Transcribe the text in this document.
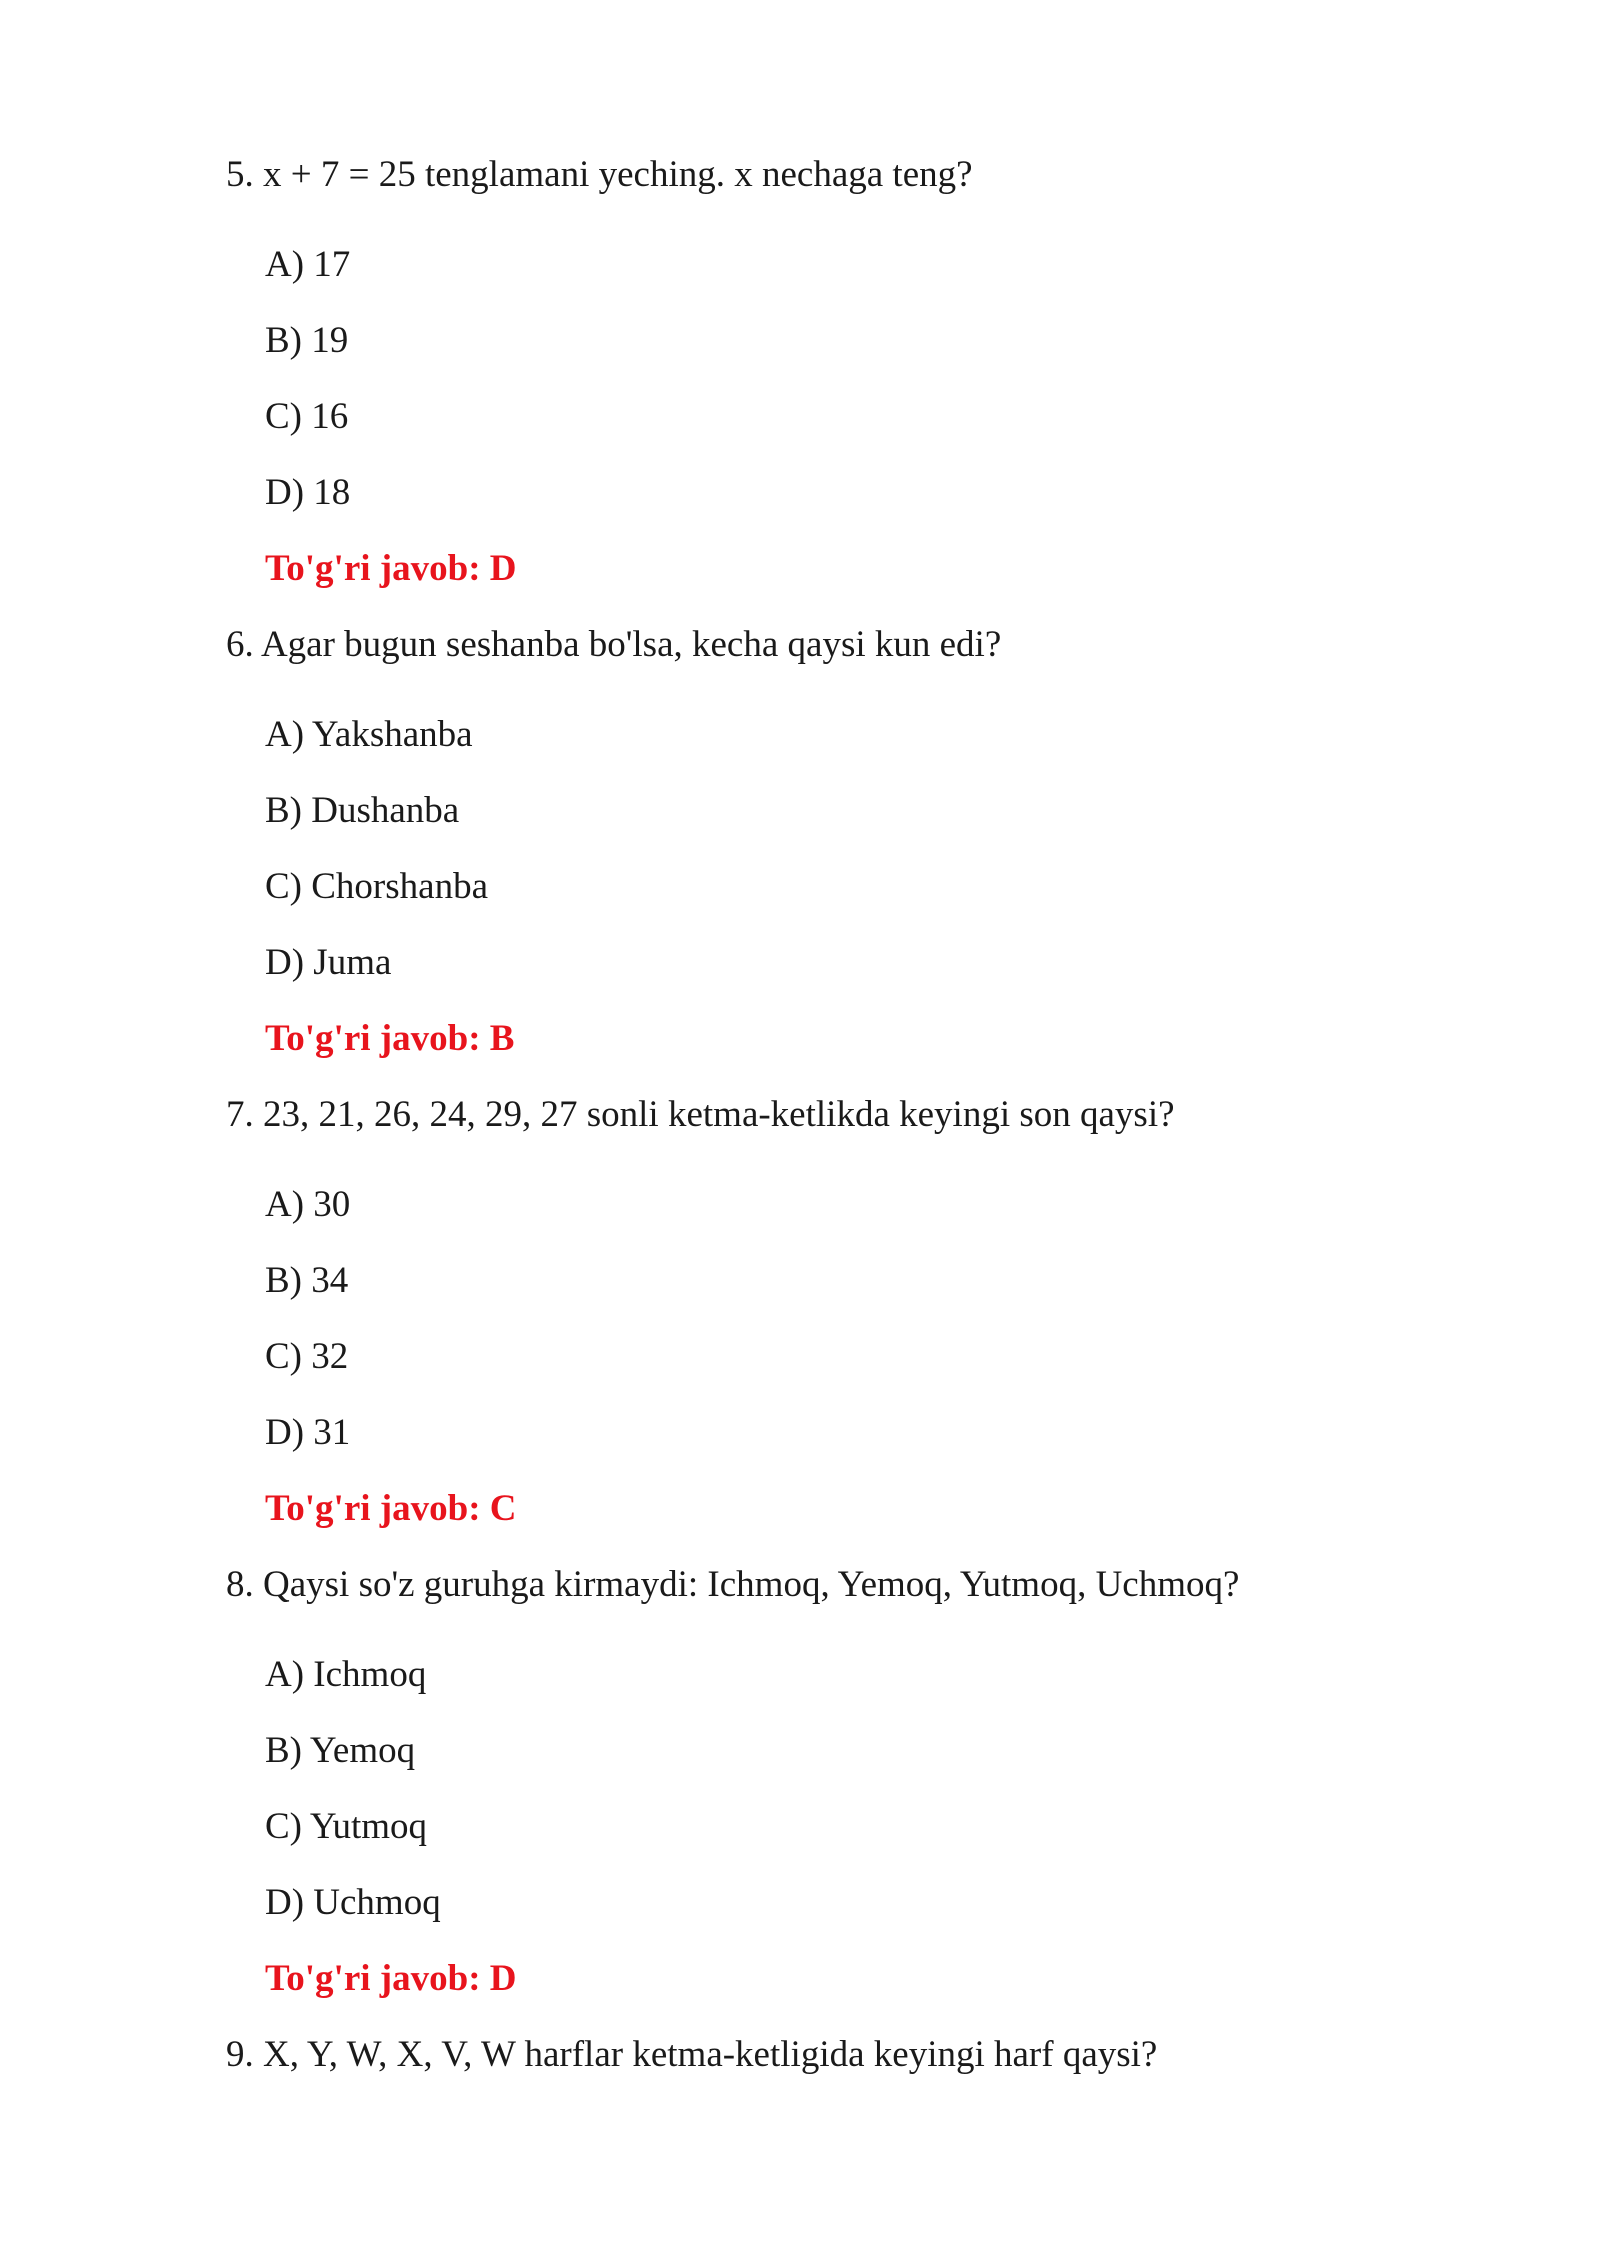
5. x + 7 = 25 tenglamani yeching. x nechaga teng?
A) 17
B) 19
C) 16
D) 18
To'g'ri javob: D
6. Agar bugun seshanba bo'lsa, kecha qaysi kun edi?
A) Yakshanba
B) Dushanba
C) Chorshanba
D) Juma
To'g'ri javob: B
7. 23, 21, 26, 24, 29, 27 sonli ketma-ketlikda keyingi son qaysi?
A) 30
B) 34
C) 32
D) 31
To'g'ri javob: C
8. Qaysi so'z guruhga kirmaydi: Ichmoq, Yemoq, Yutmoq, Uchmoq?
A) Ichmoq
B) Yemoq
C) Yutmoq
D) Uchmoq
To'g'ri javob: D
9. X, Y, W, X, V, W harflar ketma-ketligida keyingi harf qaysi?
